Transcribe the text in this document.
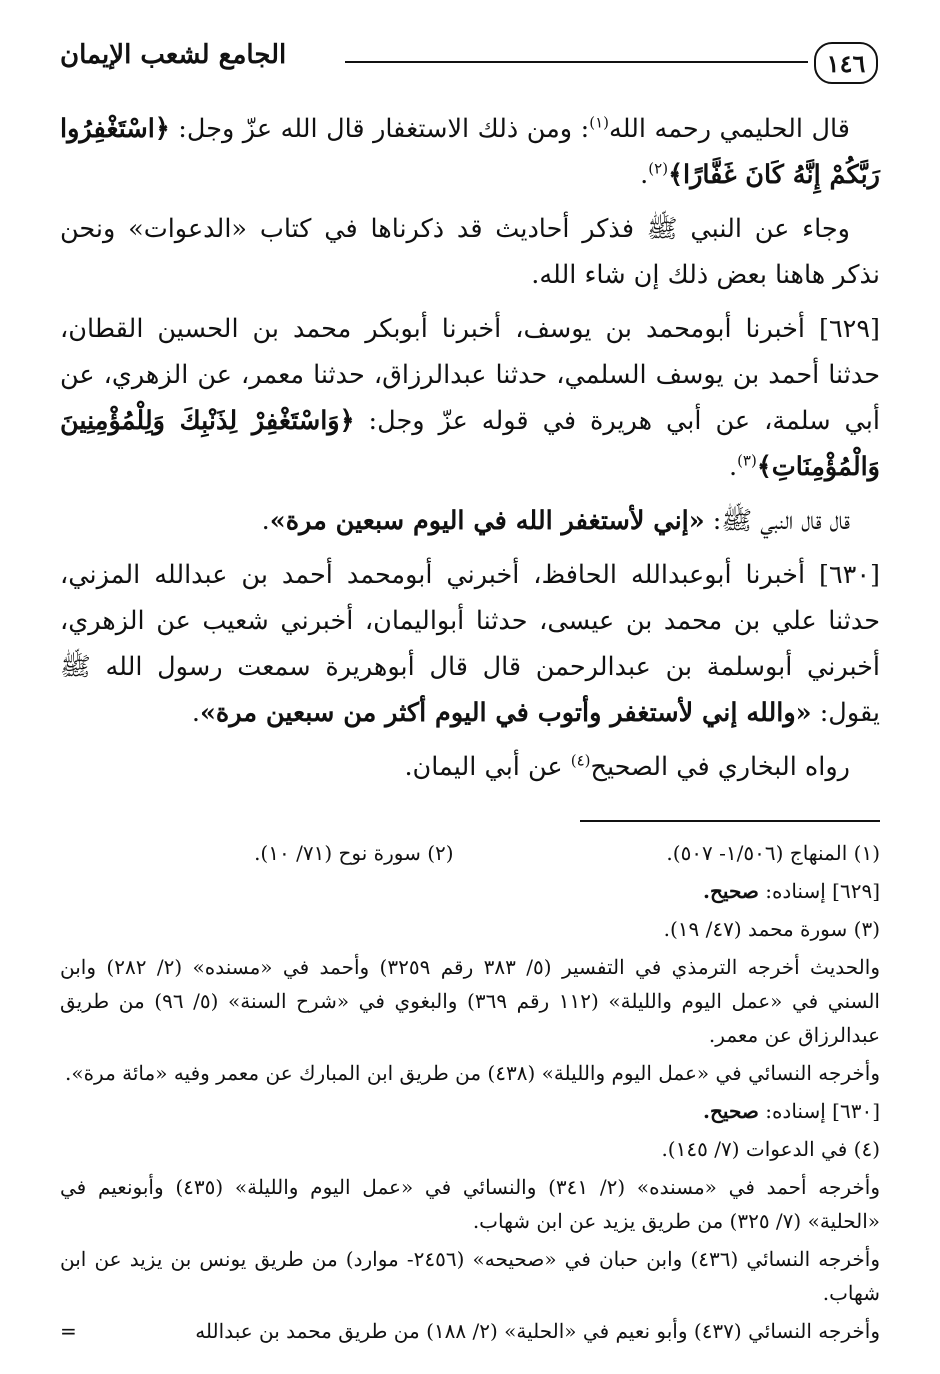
١٤٦
الجامع لشعب الإيمان

قال الحليمي رحمه الله$^{(١)}$: ومن ذلك الاستغفار قال الله عزّ وجل: ﴿اسْتَغْفِرُوا رَبَّكُمْ إِنَّهُ كَانَ غَفَّارًا﴾$^{(٢)}$.

وجاء عن النبي ﷺ فذكر أحاديث قد ذكرناها في كتاب «الدعوات» ونحن نذكر هاهنا بعض ذلك إن شاء الله.

[٦٢٩] أخبرنا أبومحمد بن يوسف، أخبرنا أبوبكر محمد بن الحسين القطان، حدثنا أحمد بن يوسف السلمي، حدثنا عبدالرزاق، حدثنا معمر، عن الزهري، عن أبي سلمة، عن أبي هريرة في قوله عزّ وجل: ﴿وَاسْتَغْفِرْ لِذَنْبِكَ وَلِلْمُؤْمِنِينَ وَالْمُؤْمِنَاتِ﴾$^{(٣)}$.

قال قال النبي ﷺ: «إني لأستغفر الله في اليوم سبعين مرة».

[٦٣٠] أخبرنا أبوعبدالله الحافظ، أخبرني أبومحمد أحمد بن عبدالله المزني، حدثنا علي بن محمد بن عيسى، حدثنا أبواليمان، أخبرني شعيب عن الزهري، أخبرني أبوسلمة بن عبدالرحمن قال قال أبوهريرة سمعت رسول الله ﷺ يقول: «والله إني لأستغفر وأتوب في اليوم أكثر من سبعين مرة».

رواه البخاري في الصحيح$^{(٤)}$ عن أبي اليمان.

(١) المنهاج (١/٥٠٦- ٥٠٧).
(٢) سورة نوح (٧١/ ١٠).

[٦٢٩] إسناده: صحيح.

(٣) سورة محمد (٤٧/ ١٩).

والحديث أخرجه الترمذي في التفسير (٥/ ٣٨٣ رقم ٣٢٥٩) وأحمد في «مسنده» (٢/ ٢٨٢) وابن السني في «عمل اليوم والليلة» (١١٢ رقم ٣٦٩) والبغوي في «شرح السنة» (٥/ ٩٦) من طريق عبدالرزاق عن معمر.

وأخرجه النسائي في «عمل اليوم والليلة» (٤٣٨) من طريق ابن المبارك عن معمر وفيه «مائة مرة».

[٦٣٠] إسناده: صحيح.

(٤) في الدعوات (٧/ ١٤٥).

وأخرجه أحمد في «مسنده» (٢/ ٣٤١) والنسائي في «عمل اليوم والليلة» (٤٣٥) وأبونعيم في «الحلية» (٧/ ٣٢٥) من طريق يزيد عن ابن شهاب.

وأخرجه النسائي (٤٣٦) وابن حبان في «صحيحه» (٢٤٥٦- موارد) من طريق يونس بن يزيد عن ابن شهاب.

وأخرجه النسائي (٤٣٧) وأبو نعيم في «الحلية» (٢/ ١٨٨) من طريق محمد بن عبدالله
=
